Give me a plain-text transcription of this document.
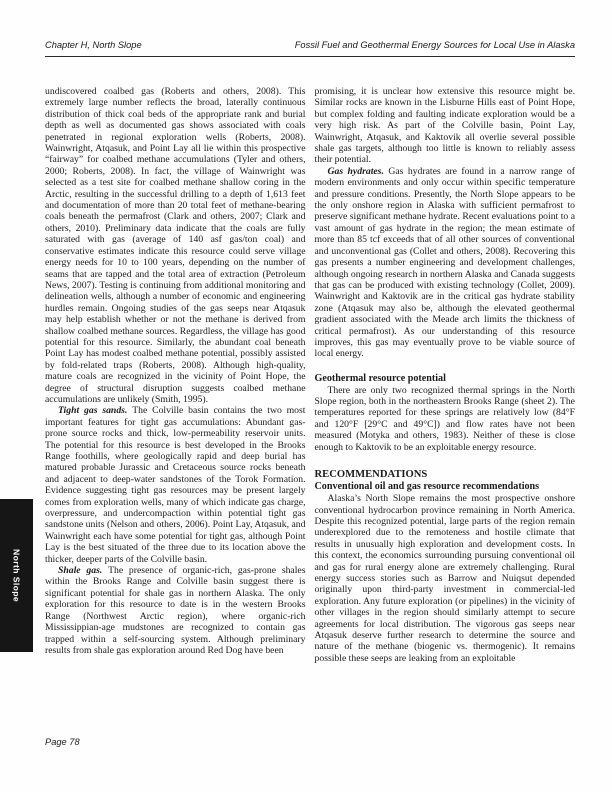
Chapter H, North Slope	Fossil Fuel and Geothermal Energy Sources for Local Use in Alaska

undiscovered coalbed gas (Roberts and others, 2008). This extremely large number reflects the broad, laterally continuous distribution of thick coal beds of the appropriate rank and burial depth as well as documented gas shows associated with coals penetrated in regional exploration wells (Roberts, 2008). Wainwright, Atqasuk, and Point Lay all lie within this prospective “fairway” for coalbed methane accumulations (Tyler and others, 2000; Roberts, 2008). In fact, the village of Wainwright was selected as a test site for coalbed methane shallow coring in the Arctic, resulting in the successful drilling to a depth of 1,613 feet and documentation of more than 20 total feet of methane-bearing coals beneath the permafrost (Clark and others, 2007; Clark and others, 2010). Preliminary data indicate that the coals are fully saturated with gas (average of 140 asf gas/ton coal) and conservative estimates indicate this resource could serve village energy needs for 10 to 100 years, depending on the number of seams that are tapped and the total area of extraction (Petroleum News, 2007). Testing is continuing from additional monitoring and delineation wells, although a number of economic and engineering hurdles remain. Ongoing studies of the gas seeps near Atqasuk may help establish whether or not the methane is derived from shallow coalbed methane sources. Regardless, the village has good potential for this resource. Similarly, the abundant coal beneath Point Lay has modest coalbed methane potential, possibly assisted by fold-related traps (Roberts, 2008). Although high-quality, mature coals are recognized in the vicinity of Point Hope, the degree of structural disruption suggests coalbed methane accumulations are unlikely (Smith, 1995).

Tight gas sands. The Colville basin contains the two most important features for tight gas accumulations: Abundant gas-prone source rocks and thick, low-permeability reservoir units. The potential for this resource is best developed in the Brooks Range foothills, where geologically rapid and deep burial has matured probable Jurassic and Cretaceous source rocks beneath and adjacent to deep-water sandstones of the Torok Formation. Evidence suggesting tight gas resources may be present largely comes from exploration wells, many of which indicate gas charge, overpressure, and undercompaction within potential tight gas sandstone units (Nelson and others, 2006). Point Lay, Atqasuk, and Wainwright each have some potential for tight gas, although Point Lay is the best situated of the three due to its location above the thicker, deeper parts of the Colville basin.

Shale gas. The presence of organic-rich, gas-prone shales within the Brooks Range and Colville basin suggest there is significant potential for shale gas in northern Alaska. The only exploration for this resource to date is in the western Brooks Range (Northwest Arctic region), where organic-rich Mississippian-age mudstones are recognized to contain gas trapped within a self-sourcing system. Although preliminary results from shale gas exploration around Red Dog have been

promising, it is unclear how extensive this resource might be. Similar rocks are known in the Lisburne Hills east of Point Hope, but complex folding and faulting indicate exploration would be a very high risk. As part of the Colville basin, Point Lay, Wainwright, Atqasuk, and Kaktovik all overlie several possible shale gas targets, although too little is known to reliably assess their potential.

Gas hydrates. Gas hydrates are found in a narrow range of modern environments and only occur within specific temperature and pressure conditions. Presently, the North Slope appears to be the only onshore region in Alaska with sufficient permafrost to preserve significant methane hydrate. Recent evaluations point to a vast amount of gas hydrate in the region; the mean estimate of more than 85 tcf exceeds that of all other sources of conventional and unconventional gas (Collet and others, 2008). Recovering this gas presents a number engineering and development challenges, although ongoing research in northern Alaska and Canada suggests that gas can be produced with existing technology (Collet, 2009). Wainwright and Kaktovik are in the critical gas hydrate stability zone (Atqasuk may also be, although the elevated geothermal gradient associated with the Meade arch limits the thickness of critical permafrost). As our understanding of this resource improves, this gas may eventually prove to be viable source of local energy.

Geothermal resource potential

There are only two recognized thermal springs in the North Slope region, both in the northeastern Brooks Range (sheet 2). The temperatures reported for these springs are relatively low (84°F and 120°F [29°C and 49°C]) and flow rates have not been measured (Motyka and others, 1983). Neither of these is close enough to Kaktovik to be an exploitable energy resource.

RECOMMENDATIONS
Conventional oil and gas resource recommendations

Alaska’s North Slope remains the most prospective onshore conventional hydrocarbon province remaining in North America. Despite this recognized potential, large parts of the region remain underexplored due to the remoteness and hostile climate that results in unusually high exploration and development costs. In this context, the economics surrounding pursuing conventional oil and gas for rural energy alone are extremely challenging. Rural energy success stories such as Barrow and Nuiqsut depended originally upon third-party investment in commercial-led exploration. Any future exploration (or pipelines) in the vicinity of other villages in the region should similarly attempt to secure agreements for local distribution. The vigorous gas seeps near Atqasuk deserve further research to determine the source and nature of the methane (biogenic vs. thermogenic). It remains possible these seeps are leaking from an exploitable

North Slope
Page 78
